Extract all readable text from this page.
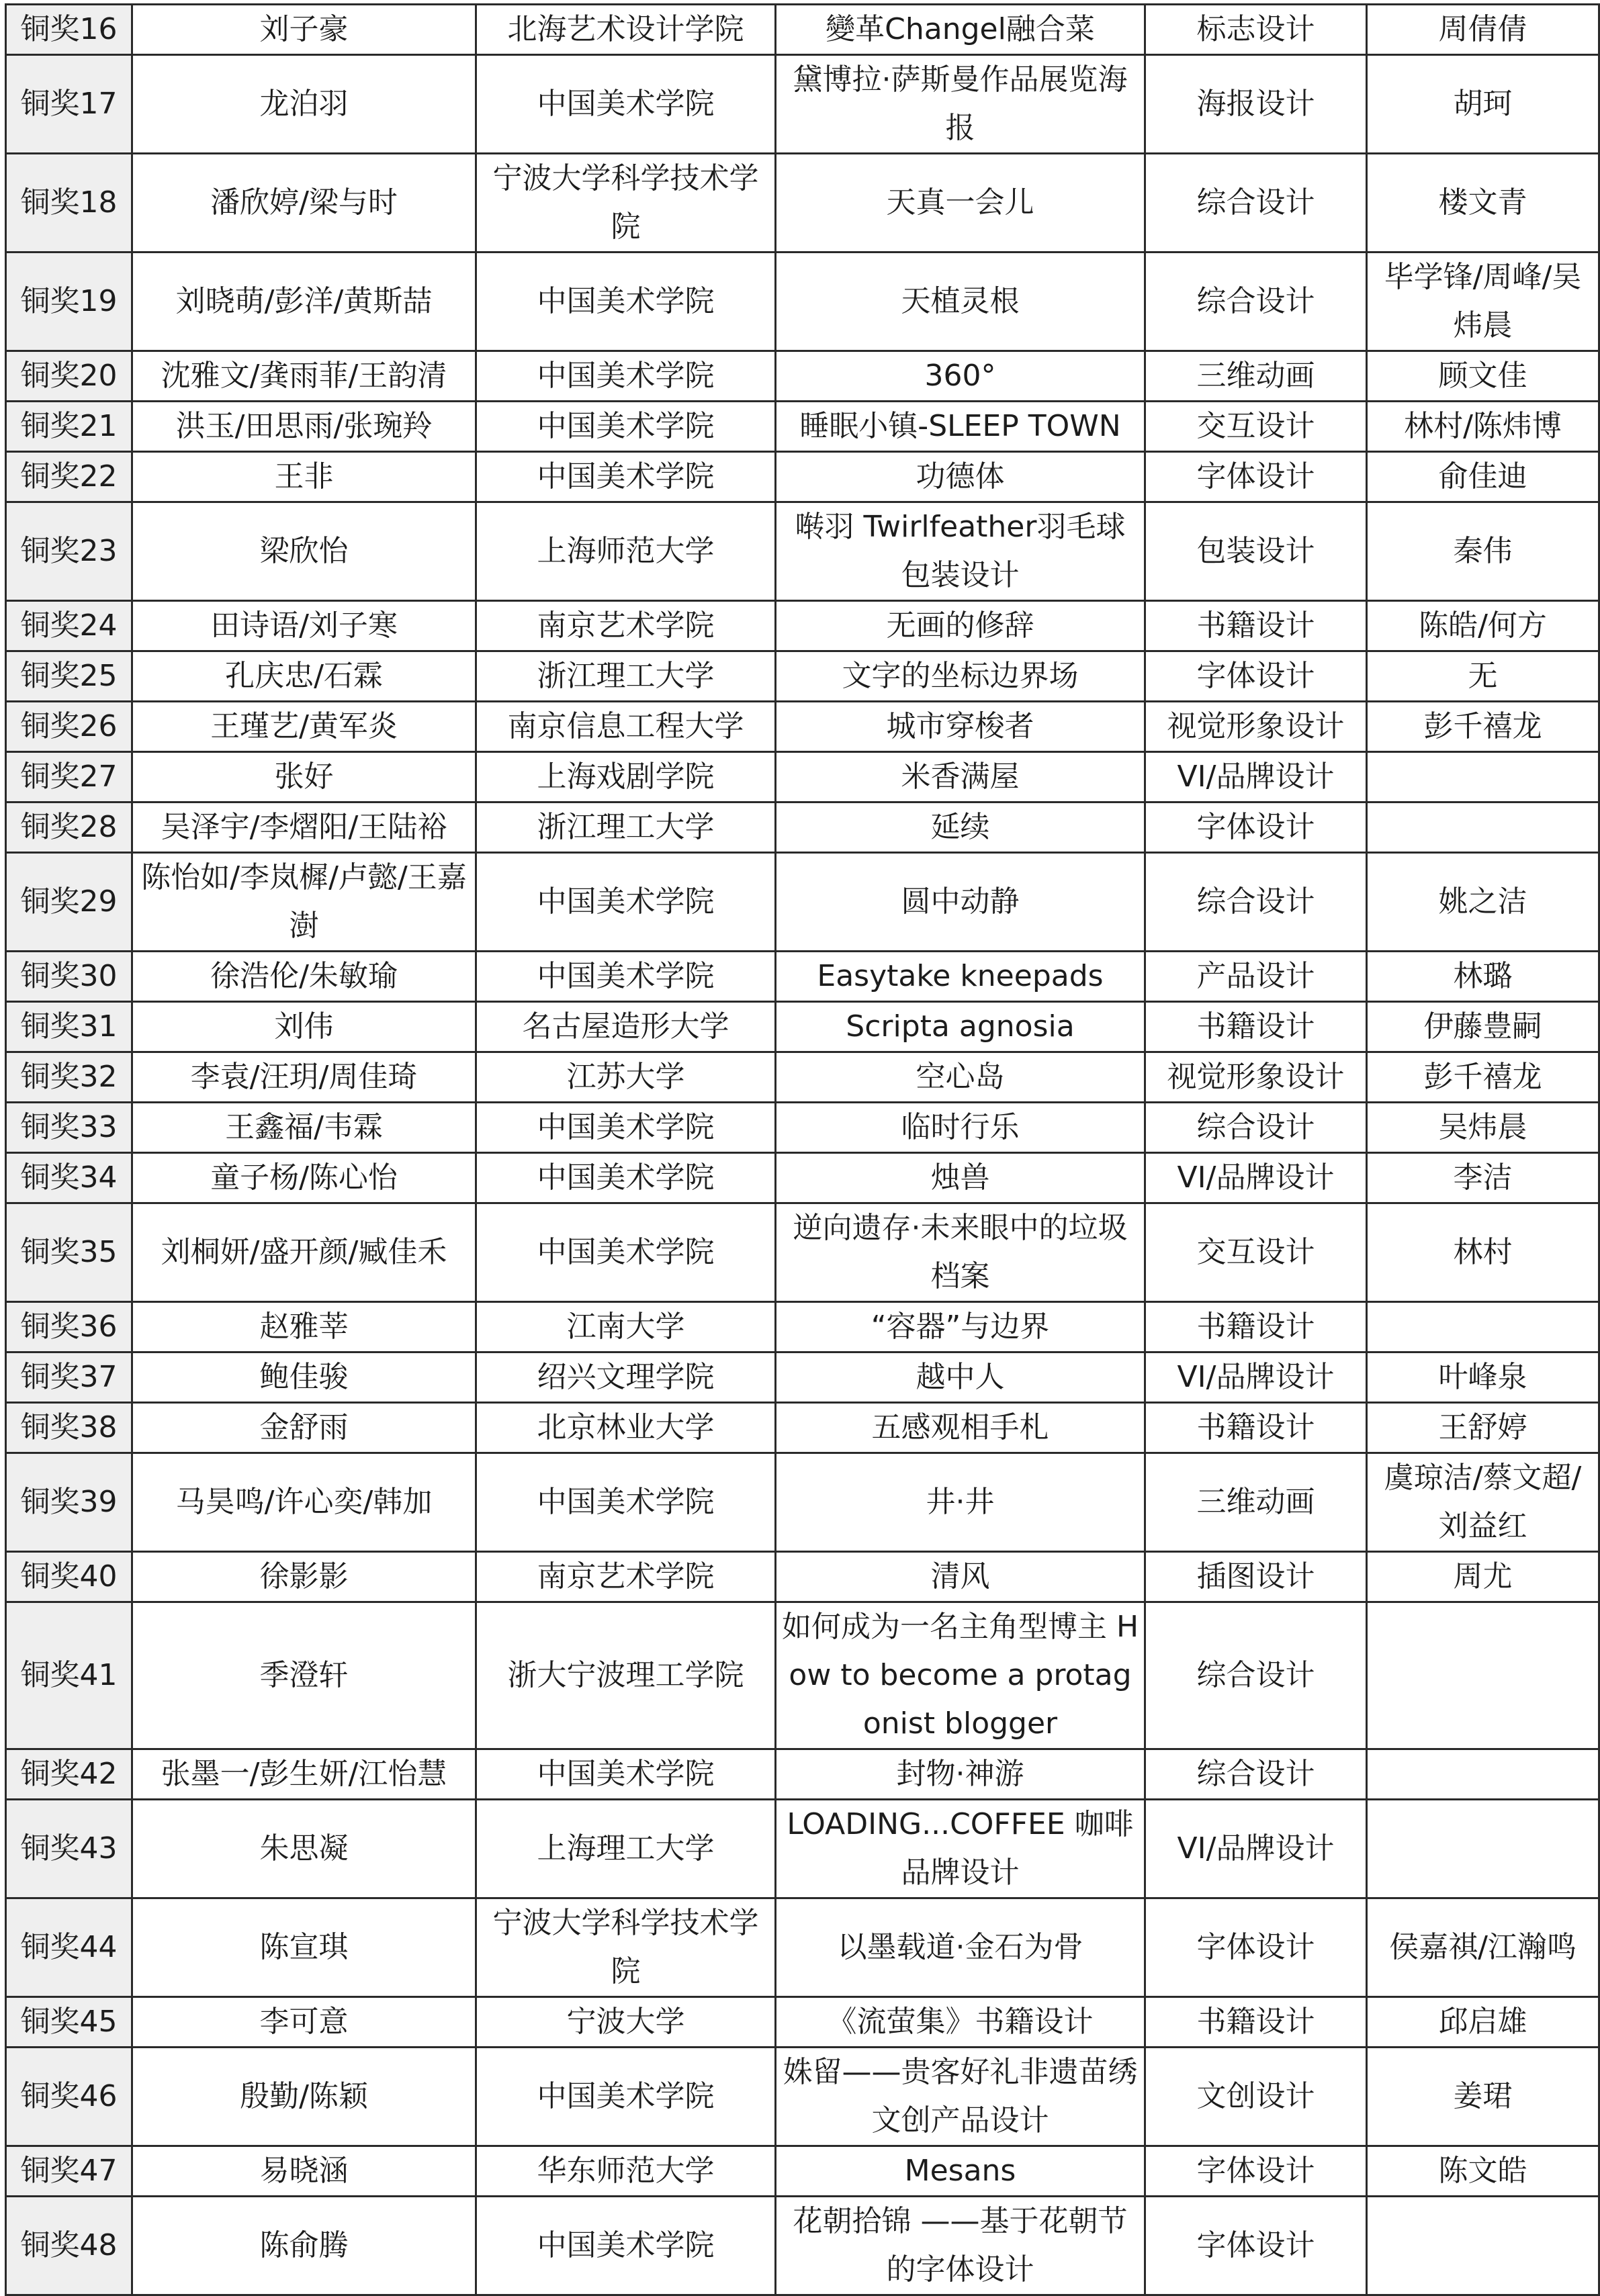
铜奖16	刘子豪	北海艺术设计学院	變革Changel融合菜	标志设计	周倩倩

铜奖17	龙泊羽	中国美术学院	黛博拉·萨斯曼作品展览海报	海报设计	胡珂

铜奖18	潘欣婷/梁与时	宁波大学科学技术学院	天真一会儿	综合设计	楼文青

铜奖19	刘晓萌/彭洋/黄斯喆	中国美术学院	天植灵根	综合设计	毕学锋/周峰/吴炜晨

铜奖20	沈雅文/龚雨菲/王韵清	中国美术学院	360°	三维动画	顾文佳

铜奖21	洪玉/田思雨/张琬羚	中国美术学院	睡眠小镇-SLEEP TOWN	交互设计	林村/陈炜博

铜奖22	王非	中国美术学院	功德体	字体设计	俞佳迪

铜奖23	梁欣怡	上海师范大学	啭羽 Twirlfeather羽毛球包装设计	包装设计	秦伟

铜奖24	田诗语/刘子寒	南京艺术学院	无画的修辞	书籍设计	陈皓/何方

铜奖25	孔庆忠/石霖	浙江理工大学	文字的坐标边界场	字体设计	无

铜奖26	王瑾艺/黄军炎	南京信息工程大学	城市穿梭者	视觉形象设计	彭千禧龙

铜奖27	张好	上海戏剧学院	米香满屋	VI/品牌设计	

铜奖28	吴泽宇/李熠阳/王陆裕	浙江理工大学	延续	字体设计	

铜奖29	陈怡如/李岚樨/卢懿/王嘉澍	中国美术学院	圆中动静	综合设计	姚之洁

铜奖30	徐浩伦/朱敏瑜	中国美术学院	Easytake kneepads	产品设计	林璐

铜奖31	刘伟	名古屋造形大学	Scripta agnosia	书籍设计	伊藤豊嗣

铜奖32	李袁/汪玥/周佳琦	江苏大学	空心岛	视觉形象设计	彭千禧龙

铜奖33	王鑫福/韦霖	中国美术学院	临时行乐	综合设计	吴炜晨

铜奖34	童子杨/陈心怡	中国美术学院	烛兽	VI/品牌设计	李洁

铜奖35	刘桐妍/盛开颜/臧佳禾	中国美术学院	逆向遗存·未来眼中的垃圾档案	交互设计	林村

铜奖36	赵雅莘	江南大学	“容器”与边界	书籍设计	

铜奖37	鲍佳骏	绍兴文理学院	越中人	VI/品牌设计	叶峰泉

铜奖38	金舒雨	北京林业大学	五感观相手札	书籍设计	王舒婷

铜奖39	马昊鸣/许心奕/韩加	中国美术学院	井·井	三维动画	虞琼洁/蔡文超/刘益红

铜奖40	徐影影	南京艺术学院	清风	插图设计	周尤

铜奖41	季澄轩	浙大宁波理工学院	如何成为一名主角型博主 How to become a protagonist blogger	综合设计	

铜奖42	张墨一/彭生妍/江怡慧	中国美术学院	封物·神游	综合设计	

铜奖43	朱思凝	上海理工大学	LOADING...COFFEE 咖啡品牌设计	VI/品牌设计	

铜奖44	陈宣琪	宁波大学科学技术学院	以墨载道·金石为骨	字体设计	侯嘉祺/江瀚鸣

铜奖45	李可意	宁波大学	《流萤集》书籍设计	书籍设计	邱启雄

铜奖46	殷勤/陈颖	中国美术学院	姝留——贵客好礼非遗苗绣文创产品设计	文创设计	姜珺

铜奖47	易晓涵	华东师范大学	Mesans	字体设计	陈文皓

铜奖48	陈俞腾	中国美术学院	花朝拾锦 ——基于花朝节的字体设计	字体设计	
